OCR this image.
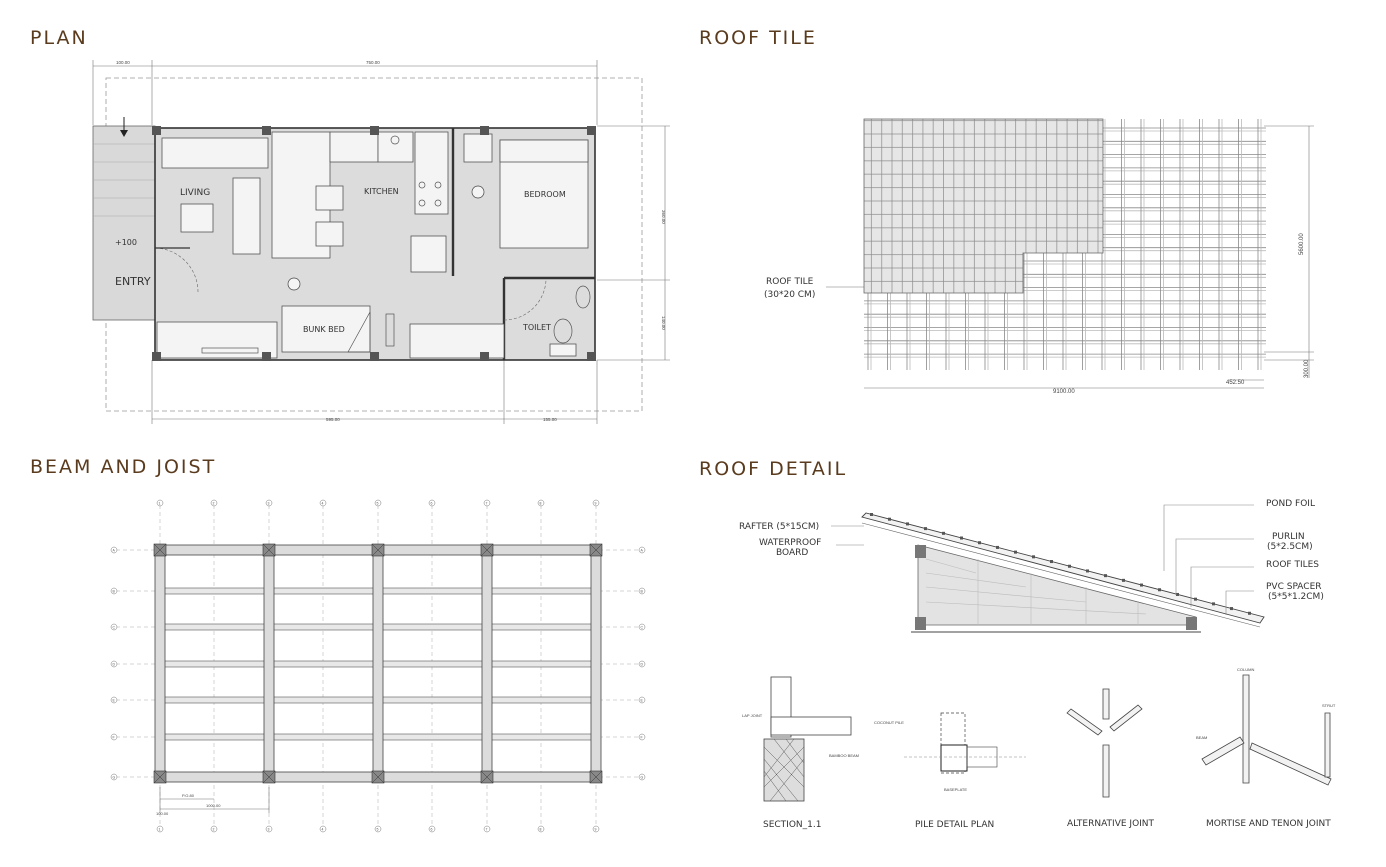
PLAN	ROOF TILE
BEAM AND JOIST	ROOF DETAIL
LIVING	KITCHEN	BEDROOM
+100
ENTRY
BUNK BED	TOILET
100.00	750.00
595.00	155.00
360.00
140.00
ROOF TILE
(30*20 CM)
9100.00
452.50
5600.00
300.00
1
1
2
2
3
3
4
4
5
5
6
6
7
7
8
8
9
9
A	A
B	B
C	C
D	D
E	E
F	F
G	G
P.O.80
1000.00
100.00
RAFTER (5*15CM)
WATERPROOF
BOARD
POND FOIL
PURLIN
(5*2.5CM)
ROOF TILES
PVC SPACER
(5*5*1.2CM)
LAP JOINT
BAMBOO BEAM
COCONUT PILE
BASEPLATE
COLUMN
BEAM
STRUT
SECTION_1.1	PILE DETAIL PLAN	ALTERNATIVE JOINT	MORTISE AND TENON JOINT
